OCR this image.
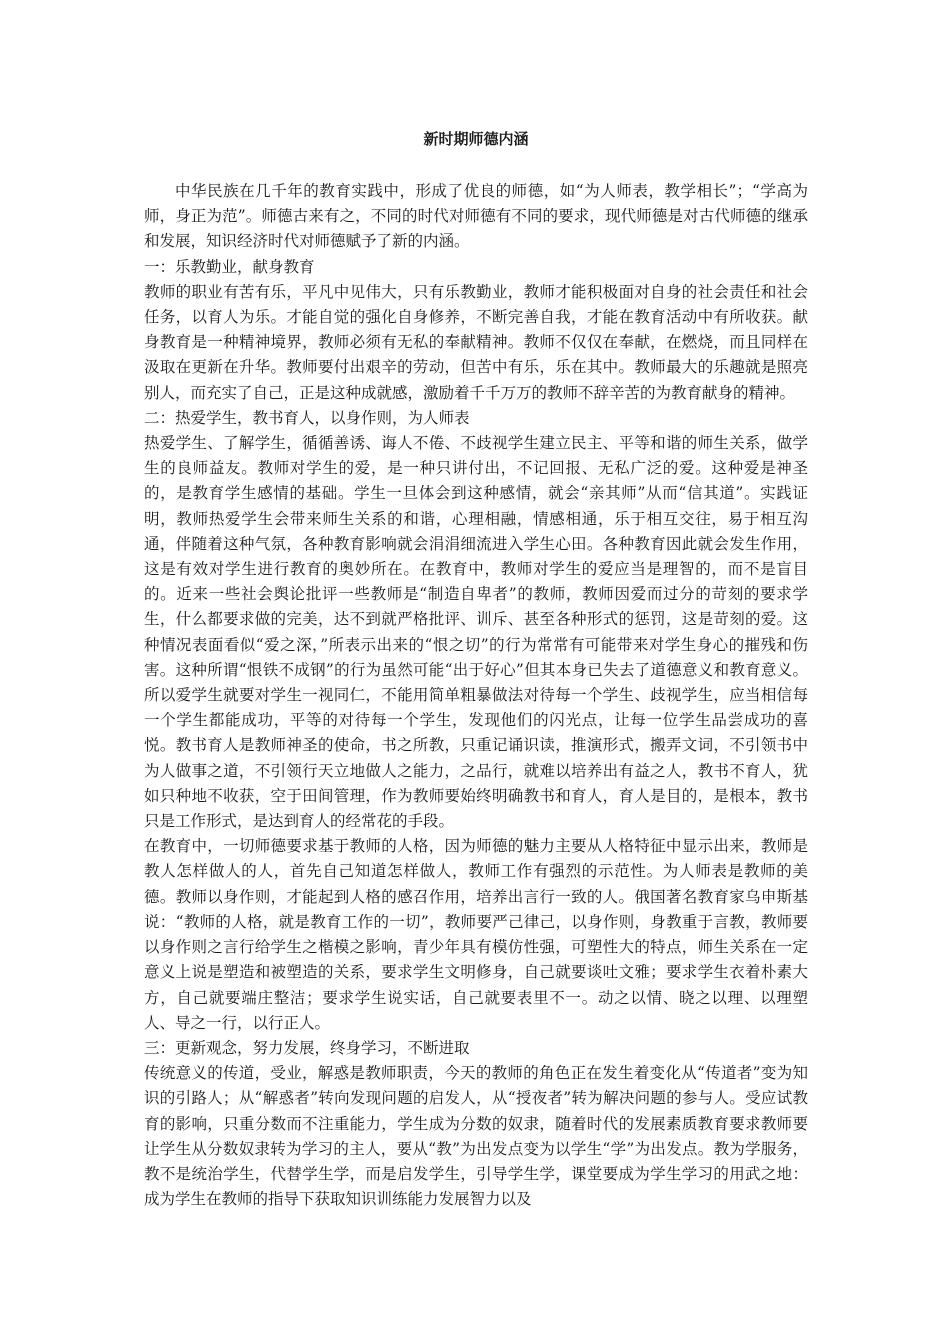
新时期师德内涵

中华民族在几千年的教育实践中，形成了优良的师德，如“为人师表，教学相长”；“学高为师，身正为范”。师德古来有之，不同的时代对师德有不同的要求，现代师德是对古代师德的继承和发展，知识经济时代对师德赋予了新的内涵。

一：乐教勤业，献身教育

教师的职业有苦有乐，平凡中见伟大，只有乐教勤业，教师才能积极面对自身的社会责任和社会任务，以育人为乐。才能自觉的强化自身修养，不断完善自我，才能在教育活动中有所收获。献身教育是一种精神境界，教师必须有无私的奉献精神。教师不仅仅在奉献，在燃烧，而且同样在汲取在更新在升华。教师要付出艰辛的劳动，但苦中有乐，乐在其中。教师最大的乐趣就是照亮别人，而充实了自己，正是这种成就感，激励着千千万万的教师不辞辛苦的为教育献身的精神。

二：热爱学生，教书育人，以身作则，为人师表

热爱学生、了解学生，循循善诱、诲人不倦、不歧视学生建立民主、平等和谐的师生关系，做学生的良师益友。教师对学生的爱，是一种只讲付出，不记回报、无私广泛的爱。这种爱是神圣的，是教育学生感情的基础。学生一旦体会到这种感情，就会“亲其师”从而“信其道”。实践证明，教师热爱学生会带来师生关系的和谐，心理相融，情感相通，乐于相互交往，易于相互沟通，伴随着这种气氛，各种教育影响就会涓涓细流进入学生心田。各种教育因此就会发生作用，这是有效对学生进行教育的奥妙所在。在教育中，教师对学生的爱应当是理智的，而不是盲目的。近来一些社会舆论批评一些教师是“制造自卑者”的教师，教师因爱而过分的苛刻的要求学生，什么都要求做的完美，达不到就严格批评、训斥、甚至各种形式的惩罚，这是苛刻的爱。这种情况表面看似“爱之深，”所表示出来的“恨之切”的行为常常有可能带来对学生身心的摧残和伤害。这种所谓“恨铁不成钢”的行为虽然可能“出于好心”但其本身已失去了道德意义和教育意义。所以爱学生就要对学生一视同仁，不能用简单粗暴做法对待每一个学生、歧视学生，应当相信每一个学生都能成功，平等的对待每一个学生，发现他们的闪光点，让每一位学生品尝成功的喜悦。教书育人是教师神圣的使命，书之所教，只重记诵识读，推演形式，搬弄文词，不引领书中为人做事之道，不引领行天立地做人之能力，之品行，就难以培养出有益之人，教书不育人，犹如只种地不收获，空于田间管理，作为教师要始终明确教书和育人，育人是目的，是根本，教书只是工作形式，是达到育人的经常花的手段。

在教育中，一切师德要求基于教师的人格，因为师德的魅力主要从人格特征中显示出来，教师是教人怎样做人的人，首先自己知道怎样做人，教师工作有强烈的示范性。为人师表是教师的美德。教师以身作则，才能起到人格的感召作用，培养出言行一致的人。俄国著名教育家乌申斯基说：“教师的人格，就是教育工作的一切”，教师要严己律己，以身作则，身教重于言教，教师要以身作则之言行给学生之楷模之影响，青少年具有模仿性强，可塑性大的特点，师生关系在一定意义上说是塑造和被塑造的关系，要求学生文明修身，自己就要谈吐文雅；要求学生衣着朴素大方，自己就要端庄整洁；要求学生说实话，自己就要表里不一。动之以情、晓之以理、以理塑人、导之一行，以行正人。

三：更新观念，努力发展，终身学习，不断进取

传统意义的传道，受业，解惑是教师职责，今天的教师的角色正在发生着变化从“传道者”变为知识的引路人；从“解惑者”转向发现问题的启发人，从“授夜者”转为解决问题的参与人。受应试教育的影响，只重分数而不注重能力，学生成为分数的奴隶，随着时代的发展素质教育要求教师要让学生从分数奴隶转为学习的主人，要从“教”为出发点变为以学生“学”为出发点。教为学服务，教不是统治学生，代替学生学，而是启发学生，引导学生学，课堂要成为学生学习的用武之地：成为学生在教师的指导下获取知识训练能力发展智力以及
